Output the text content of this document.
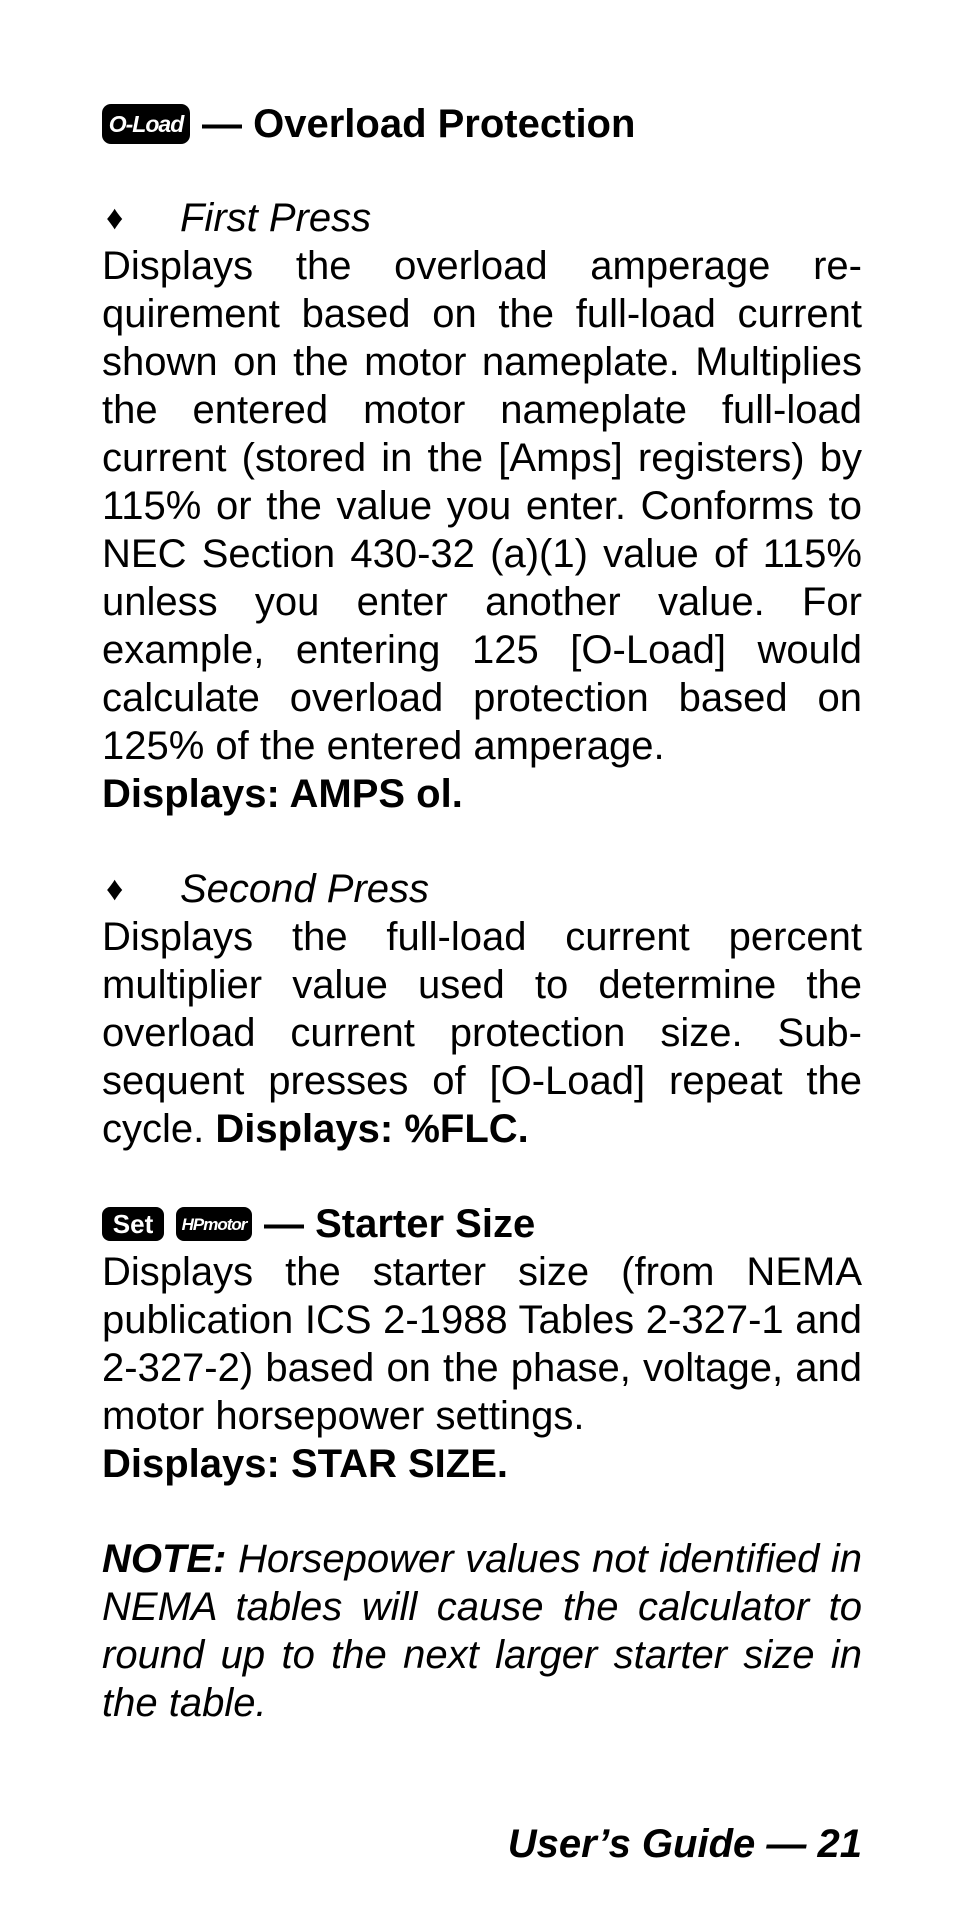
O-Load — Overload Protection
♦	First Press

Displays the overload amperage requirement based on the full-load current shown on the motor nameplate. Multiplies the entered motor nameplate full-load current (stored in the [Amps] registers) by 115% or the value you enter. Conforms to NEC Section 430-32 (a)(1) value of 115% unless you enter another value. For example, entering 125 [O-Load] would calculate overload protection based on 125% of the entered amperage.

Displays: AMPS ol.
♦	Second Press

Displays the full-load current percent multiplier value used to determine the overload current protection size. Subsequent presses of [O-Load] repeat the cycle. Displays: %FLC.

Set	HPmotor — Starter Size

Displays the starter size (from NEMA publication ICS 2-1988 Tables 2-327-1 and 2-327-2) based on the phase, voltage, and motor horsepower settings.

Displays: STAR SIZE.

NOTE: Horsepower values not identified in NEMA tables will cause the calculator to round up to the next larger starter size in the table.

User’s Guide — 21
